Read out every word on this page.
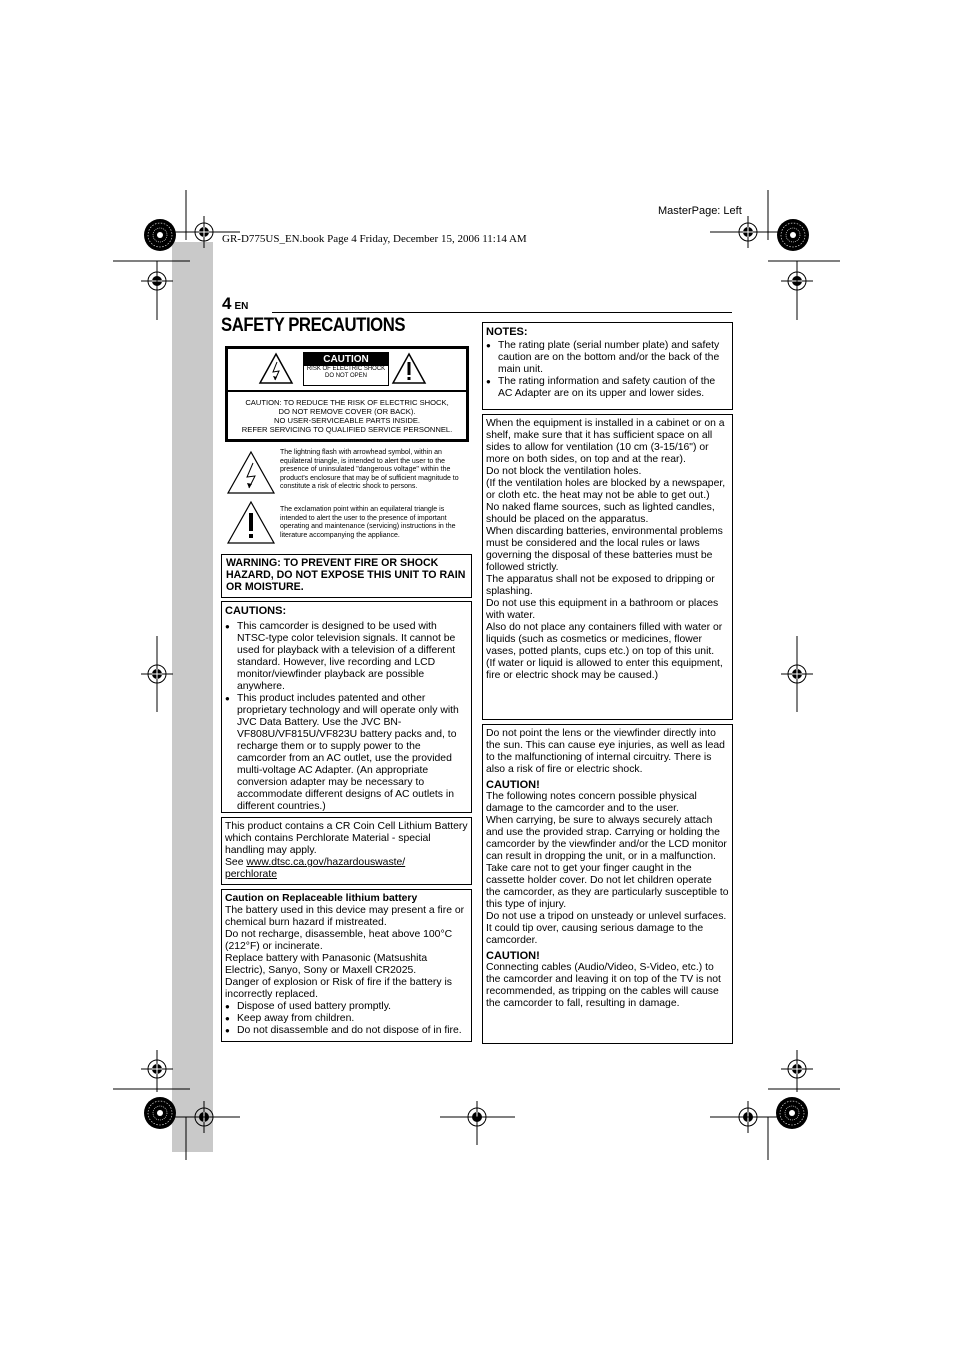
MasterPage: Left
GR-D775US_EN.book Page 4 Friday, December 15, 2006 11:14 AM
4 EN
SAFETY PRECAUTIONS
CAUTION: TO REDUCE THE RISK OF ELECTRIC SHOCK,
DO NOT REMOVE COVER (OR BACK).
NO USER-SERVICEABLE PARTS INSIDE.
REFER SERVICING TO QUALIFIED SERVICE PERSONNEL.
CAUTION
RISK OF ELECTRIC SHOCK
DO NOT OPEN
The lightning flash with arrowhead symbol, within an equilateral triangle, is intended to alert the user to the presence of uninsulated "dangerous voltage" within the product's enclosure that may be of sufficient magnitude to constitute a risk of electric shock to persons.
The exclamation point within an equilateral triangle is intended to alert the user to the presence of important operating and maintenance (servicing) instructions in the literature accompanying the appliance.
WARNING: TO PREVENT FIRE OR SHOCK HAZARD, DO NOT EXPOSE THIS UNIT TO RAIN OR MOISTURE.

CAUTIONS:

● This camcorder is designed to be used with NTSC-type color television signals. It cannot be used for playback with a television of a different standard. However, live recording and LCD monitor/viewfinder playback are possible anywhere.
● This product includes patented and other proprietary technology and will operate only with JVC Data Battery. Use the JVC BN-VF808U/VF815U/VF823U battery packs and, to recharge them or to supply power to the camcorder from an AC outlet, use the provided multi-voltage AC Adapter. (An appropriate conversion adapter may be necessary to accommodate different designs of AC outlets in different countries.)

This product contains a CR Coin Cell Lithium Battery which contains Perchlorate Material - special handling may apply.

See www.dtsc.ca.gov/hazardouswaste/

perchlorate

Caution on Replaceable lithium battery

The battery used in this device may present a fire or chemical burn hazard if mistreated.

Do not recharge, disassemble, heat above 100°C (212°F) or incinerate.

Replace battery with Panasonic (Matsushita Electric), Sanyo, Sony or Maxell CR2025.

Danger of explosion or Risk of fire if the battery is incorrectly replaced.

● Dispose of used battery promptly.
● Keep away from children.
● Do not disassemble and do not dispose of in fire.

NOTES:

● The rating plate (serial number plate) and safety caution are on the bottom and/or the back of the main unit.
● The rating information and safety caution of the AC Adapter are on its upper and lower sides.

When the equipment is installed in a cabinet or on a shelf, make sure that it has sufficient space on all sides to allow for ventilation (10 cm (3-15/16") or more on both sides, on top and at the rear).

Do not block the ventilation holes.
(If the ventilation holes are blocked by a newspaper, or cloth etc. the heat may not be able to get out.)

No naked flame sources, such as lighted candles, should be placed on the apparatus.

When discarding batteries, environmental problems must be considered and the local rules or laws governing the disposal of these batteries must be followed strictly.

The apparatus shall not be exposed to dripping or splashing.

Do not use this equipment in a bathroom or places with water.
Also do not place any containers filled with water or liquids (such as cosmetics or medicines, flower vases, potted plants, cups etc.) on top of this unit.
(If water or liquid is allowed to enter this equipment, fire or electric shock may be caused.)

Do not point the lens or the viewfinder directly into the sun. This can cause eye injuries, as well as lead to the malfunctioning of internal circuitry. There is also a risk of fire or electric shock.

CAUTION!

The following notes concern possible physical damage to the camcorder and to the user.

When carrying, be sure to always securely attach and use the provided strap. Carrying or holding the camcorder by the viewfinder and/or the LCD monitor can result in dropping the unit, or in a malfunction.

Take care not to get your finger caught in the cassette holder cover. Do not let children operate the camcorder, as they are particularly susceptible to this type of injury.

Do not use a tripod on unsteady or unlevel surfaces. It could tip over, causing serious damage to the camcorder.

CAUTION!

Connecting cables (Audio/Video, S-Video, etc.) to the camcorder and leaving it on top of the TV is not recommended, as tripping on the cables will cause the camcorder to fall, resulting in damage.
